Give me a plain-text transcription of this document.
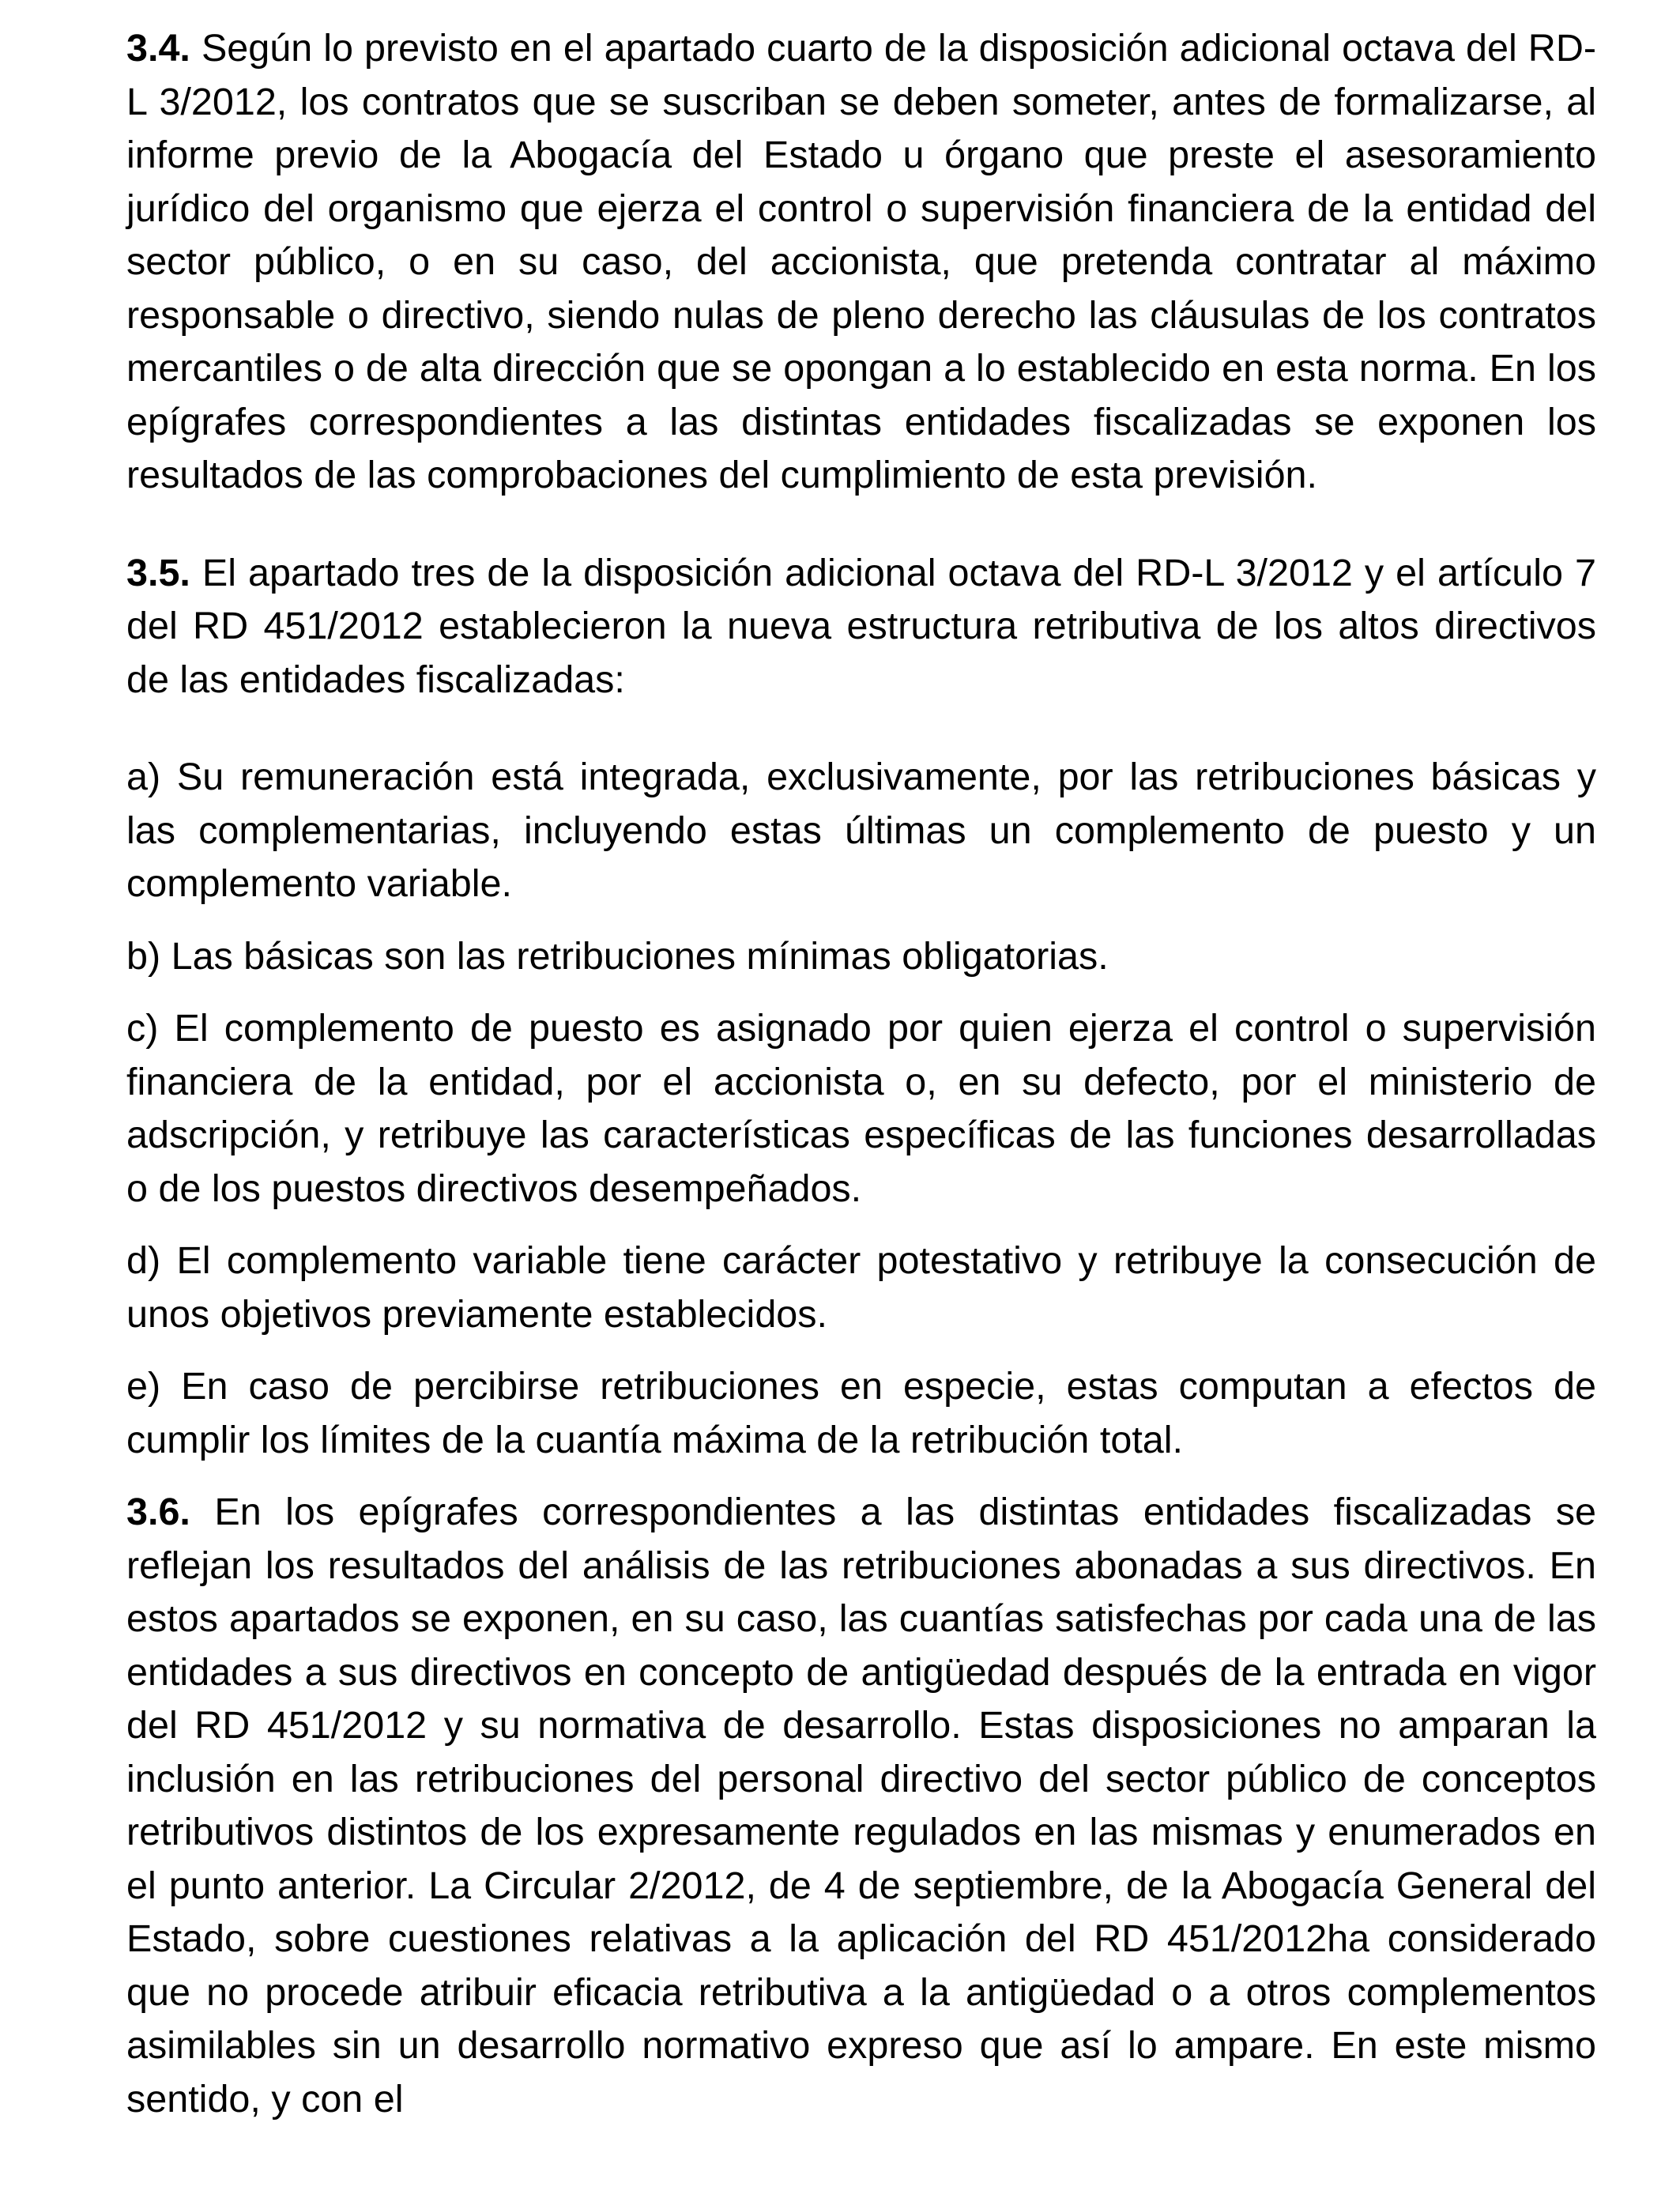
3.4. Según lo previsto en el apartado cuarto de la disposición adicional octava del RD-L 3/2012, los contratos que se suscriban se deben someter, antes de formalizarse, al informe previo de la Abogacía del Estado u órgano que preste el asesoramiento jurídico del organismo que ejerza el control o supervisión financiera de la entidad del sector público, o en su caso, del accionista, que pretenda contratar al máximo responsable o directivo, siendo nulas de pleno derecho las cláusulas de los contratos mercantiles o de alta dirección que se opongan a lo establecido en esta norma. En los epígrafes correspondientes a las distintas entidades fiscalizadas se exponen los resultados de las comprobaciones del cumplimiento de esta previsión.

3.5. El apartado tres de la disposición adicional octava del RD-L 3/2012 y el artículo 7 del RD 451/2012 establecieron la nueva estructura retributiva de los altos directivos de las entidades fiscalizadas:

a) Su remuneración está integrada, exclusivamente, por las retribuciones básicas y las complementarias, incluyendo estas últimas un complemento de puesto y un complemento variable.

b) Las básicas son las retribuciones mínimas obligatorias.

c) El complemento de puesto es asignado por quien ejerza el control o supervisión financiera de la entidad, por el accionista o, en su defecto, por el ministerio de adscripción, y retribuye las características específicas de las funciones desarrolladas o de los puestos directivos desempeñados.

d) El complemento variable tiene carácter potestativo y retribuye la consecución de unos objetivos previamente establecidos.

e) En caso de percibirse retribuciones en especie, estas computan a efectos de cumplir los límites de la cuantía máxima de la retribución total.

3.6. En los epígrafes correspondientes a las distintas entidades fiscalizadas se reflejan los resultados del análisis de las retribuciones abonadas a sus directivos. En estos apartados se exponen, en su caso, las cuantías satisfechas por cada una de las entidades a sus directivos en concepto de antigüedad después de la entrada en vigor del RD 451/2012 y su normativa de desarrollo. Estas disposiciones no amparan la inclusión en las retribuciones del personal directivo del sector público de conceptos retributivos distintos de los expresamente regulados en las mismas y enumerados en el punto anterior. La Circular 2/2012, de 4 de septiembre, de la Abogacía General del Estado, sobre cuestiones relativas a la aplicación del RD 451/2012ha considerado que no procede atribuir eficacia retributiva a la antigüedad o a otros complementos asimilables sin un desarrollo normativo expreso que así lo ampare. En este mismo sentido, y con el
